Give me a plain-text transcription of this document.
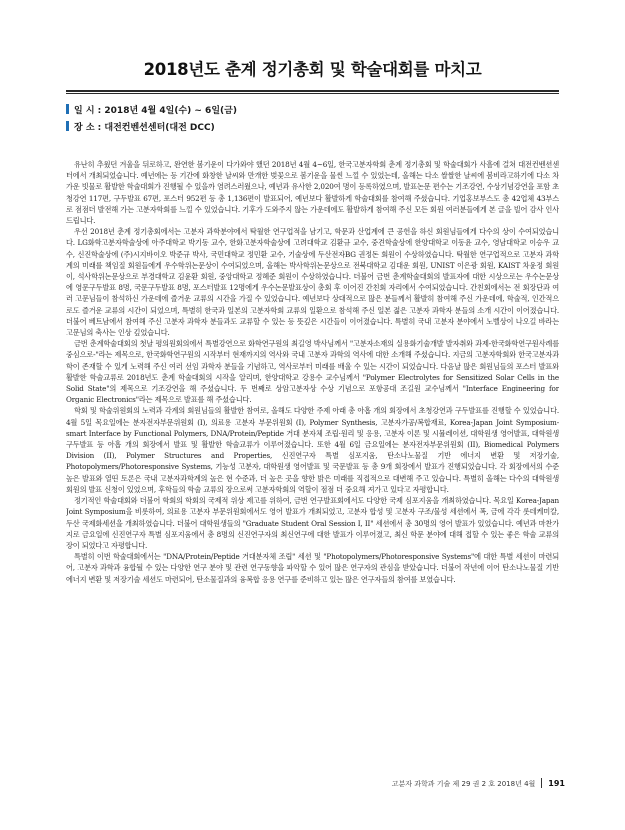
2018년도 춘계 정기총회 및 학술대회를 마치고
일 시 : 2018년 4월 4일(수) ~ 6일(금)
장 소 : 대전컨벤션센터(대전 DCC)

유난히 추웠던 겨울을 뒤로하고, 완연한 봄기운이 다가와야 했던 2018년 4월 4~6일, 한국고분자학회 춘계 정기총회 및 학술대회가 사흘에 걸쳐 대전컨벤션센터에서 개최되었습니다. 예년에는 등 기간에 화창한 날씨와 만개한 벚꽃으로 봄기운을 물씬 느낄 수 있었는데, 올해는 다소 쌀쌀한 날씨에 봄비라고하기에 다소 차가운 빗물로 활발한 학술대회가 진행될 수 있을까 염려스러웠으나, 예년과 유사한 2,020여 명이 등록하였으며, 발표논문 편수는 기조강연, 수상기념강연을 포함 초청강연 117편, 구두발표 67편, 포스터 952편 등 총 1,136편이 발표되어, 예년보다 활발하게 학술대회를 참여해 주셨습니다. 기업홍보부스도 총 42업체 43부스로 점점더 발전해 가는 고분자학회를 느낄 수 있었습니다. 기후가 도와주지 않는 가운데에도 활발하게 참여해 주신 모든 회원 여러분들에게 본 글을 빌어 감사 인사드립니다.

우선 2018년 춘계 정기총회에서는 고분자 과학분야에서 탁월한 연구업적을 남기고, 학문과 산업계에 큰 공헌을 하신 회원님들에게 다수의 상이 수여되었습니다. LG화학고분자학술상에 아주대학교 박기동 교수, 한화고분자학술상에 고려대학교 김환규 교수, 중견학술상에 한양대학교 이동윤 교수, 영남대학교 이승우 교수, 신진학술상에 (주)시지바이오 박준규 박사, 국민대학교 정민환 교수, 기술상에 두산전자BG 권정돈 회원이 수상하였습니다. 탁월한 연구업적으로 고분자 과학계의 미래를 책임질 회원들에게 우수학위논문상이 수여되었으며, 올해는 박사학위논문상으로 전북대학교 김대운 회원, UNIST 이은광 회원, KAIST 차윤정 회원이, 석사학위논문상으로 부경대학교 김윤환 회원, 중앙대학교 정혜준 회원이 수상하였습니다. 더불어 금번 춘계학술대회의 발표자에 대한 시상으로는 우수논문상에 영문구두발표 8명, 국문구두발표 8명, 포스터발표 12명에게 우수논문발표상이 총회 후 이어진 간친회 자리에서 수여되었습니다. 간친회에서는 전 회장단과 여러 고문님들이 참석하신 가운데에 즐거운 교류의 시간을 가질 수 있었습니다. 예년보다 상대적으로 많은 분들께서 활발히 참여해 주신 가운데에, 학술적, 인간적으로도 즐거운 교류의 시간이 되었으며, 특별히 한국과 일본의 고분자학회 교류의 일환으로 참석해 주신 일본 젊은 고분자 과학자 분들의 소개 시간이 이어졌습니다. 더불어 베트남에서 참여해 주신 고분자 과학자 분들과도 교류할 수 있는 등 뜻깊은 시간들이 이어졌습니다. 특별히 국내 고분자 분야에서 노벨상이 나오길 바라는 고문님의 축사는 인상 깊었습니다.

금번 춘계학술대회의 첫날 평의원회의에서 특별강연으로 화학연구원의 최길영 박사님께서 "고분자소재의 실용화기술개발 발자취와 과제-한국화학연구원사례를 중심으로-"라는 제목으로, 한국화학연구원의 시작부터 현재까지의 역사와 국내 고분자 과학의 역사에 대한 소개해 주셨습니다. 지금의 고분자학회와 한국고분자과학이 존재할 수 있게 노력해 주신 여러 선임 과학자 분들을 기념하고, 역사로부터 미래를 배울 수 있는 시간이 되었습니다. 다음날 많은 회원님들의 포스터 발표와 활발한 학술교류로 2018년도 춘계 학술대회의 시작을 알리며, 한양대학교 강용수 교수님께서 "Polymer Electrolytes for Sensitized Solar Cells in the Solid State"의 제목으로 기조강연을 해 주셨습니다. 두 번째로 상암고분자상 수상 기념으로 포항공대 조길원 교수님께서 "Interface Engineering for Organic Electronics"라는 제목으로 발표를 해 주셨습니다.

학회 및 학술위원회의 노력과 각계의 회원님들의 활발한 참여로, 올해도 다양한 주제 아래 총 아홉 개의 회장에서 초청강연과 구두발표를 진행할 수 있었습니다. 4월 5일 목요일에는 분자전자부문위원회 (I), 의료용 고분자 부문위원회 (I), Polymer Synthesis, 고분자가공/복합재료, Korea-Japan Joint Symposium-smart Interface by Functional Polymers, DNA/Protein/Peptide 거대 분자체 조립·원리 및 응용, 고분자 이론 및 시뮬레이션, 대학원생 영어발표, 대학원생 구두발표 등 아홉 개의 회장에서 발표 및 활발한 학술교류가 이루어졌습니다. 또한 4월 6일 금요일에는 분자전자부문위원회 (II), Biomedical Polymers Division (II), Polymer Structures and Properties, 신진연구자 특별 심포지움, 탄소나노물질 기반 에너지 변환 및 저장기술, Photopolymers/Photoresponsive Systems, 기능성 고분자, 대학원생 영어발표 및 국문발표 등 총 9개 회장에서 발표가 진행되었습니다. 각 회장에서의 수준 높은 발표와 열띤 토론은 국내 고분자과학계의 높은 현 수준과, 더 높은 곳을 향한 밝은 미래를 직접적으로 대변해 주고 있습니다. 특별히 올해는 다수의 대학원생 회원의 발표 신청이 있었으며, 후학들의 학술 교류의 장으로써 고분자학회의 역할이 점점 더 중요해 져가고 있다고 자평합니다.

정기적인 학술대회와 더불어 학회의 학회의 국제적 위상 제고를 위하여, 금번 연구발표회에서도 다양한 국제 심포지움을 개최하였습니다. 목요일 Korea-Japan Joint Symposium을 비롯하여, 의료용 고분자 부문위원회에서도 영어 발표가 개최되었고, 고분자 합성 및 고분자 구조/물성 세션에서 폭, 금에 각각 롯데케미칼, 두산 국제화세션을 개최하였습니다. 더불어 대학원생들의 "Graduate Student Oral Session I, II" 세션에서 총 30명의 영어 발표가 있었습니다. 예년과 마찬가지로 금요일에 신진연구자 특별 심포지움에서 총 8명의 신진연구자의 최신연구에 대한 발표가 이루어졌고, 최신 학문 분야에 대해 접할 수 있는 좋은 학술 교류의 장이 되었다고 자평합니다.

특별히 이번 학술대회에서는 "DNA/Protein/Peptide 거대분자체 조립" 세션 및 "Photopolymers/Photoresponsive Systems"에 대한 특별 세션이 마련되어, 고분자 과학과 융합될 수 있는 다양한 연구 분야 및 관련 연구동향을 파악할 수 있어 많은 연구자의 관심을 받았습니다. 더불어 작년에 이어 탄소나노물질 기반 에너지 변환 및 저장기술 세션도 마련되어, 탄소물질과의 융복합 응용 연구를 준비하고 있는 많은 연구자들의 참여를 보였습니다.

고분자 과학과 기술 제 29 권 2 호 2018년 4월 191
